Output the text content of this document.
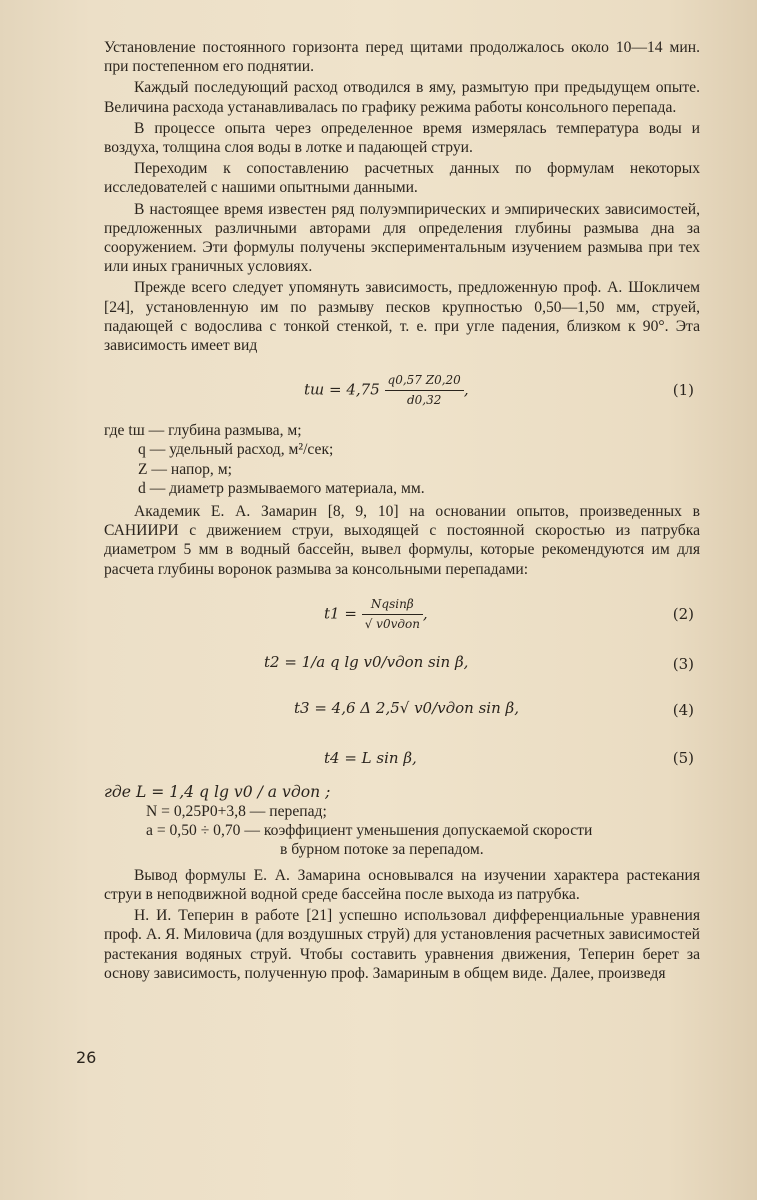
Установление постоянного горизонта перед щитами продолжалось около 10—14 мин. при постепенном его поднятии.

Каждый последующий расход отводился в яму, размытую при предыдущем опыте. Величина расхода устанавливалась по графику режима работы консольного перепада.

В процессе опыта через определенное время измерялась температура воды и воздуха, толщина слоя воды в лотке и падающей струи.

Переходим к сопоставлению расчетных данных по формулам некоторых исследователей с нашими опытными данными.

В настоящее время известен ряд полуэмпирических и эмпирических зависимостей, предложенных различными авторами для определения глубины размыва дна за сооружением. Эти формулы получены экспериментальным изучением размыва при тех или иных граничных условиях.

Прежде всего следует упомянуть зависимость, предложенную проф. А. Шокличем [24], установленную им по размыву песков крупностью 0,50—1,50 мм, струей, падающей с водослива с тонкой стенкой, т. е. при угле падения, близком к 90°. Эта зависимость имеет вид

tш = $4,75 \frac{q0,57 Z0,20}{d0,32}$ ,	(1)
где tш — глубина размыва, м;
q — удельный расход, м²/сек;
Z — напор, м;
d — диаметр размываемого материала, мм.

Академик Е. А. Замарин [8, 9, 10] на основании опытов, произведенных в САНИИРИ с движением струи, выходящей с постоянной скоростью из патрубка диаметром 5 мм в водный бассейн, вывел формулы, которые рекомендуются им для расчета глубины воронок размыва за консольными перепадами:

$t1 = \frac{Nqsin\beta}{\text{√ v0vдоп}}$ ,	(2)
t2 = 1/a q lg v0/vдоп sin β,	(3)
t3 = 4,6 Δ 2,5√ v0/vдоп sin β,	(4)
t4 = L sin β,	(5)
где L = 1,4 q lg v0 / a vдоп ;
N = 0,25P0+3,8 — перепад;
a = 0,50 ÷ 0,70 — коэффициент уменьшения допускаемой скорости
в бурном потоке за перепадом.

Вывод формулы Е. А. Замарина основывался на изучении характера растекания струи в неподвижной водной среде бассейна после выхода из патрубка.

Н. И. Теперин в работе [21] успешно использовал дифференциальные уравнения проф. А. Я. Миловича (для воздушных струй) для установления расчетных зависимостей растекания водяных струй. Чтобы составить уравнения движения, Теперин берет за основу зависимость, полученную проф. Замариным в общем виде. Далее, произведя

26
